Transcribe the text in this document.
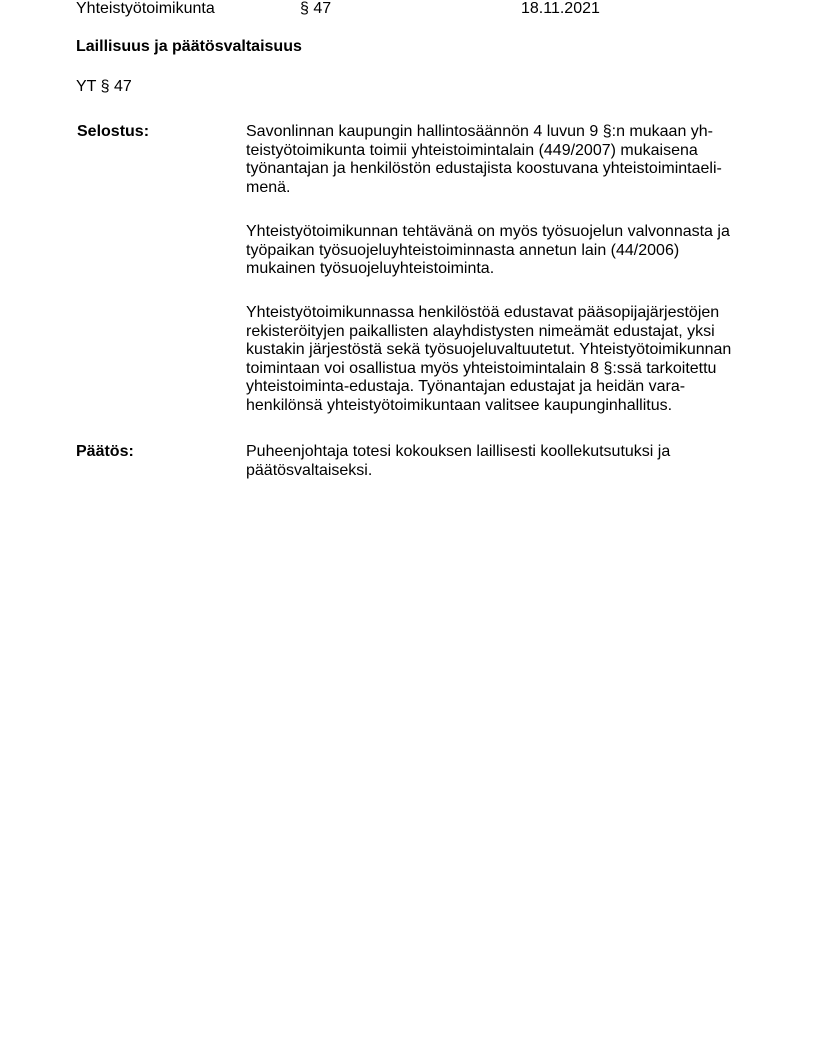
Yhteistyötoimikunta	§ 47	18.11.2021
Laillisuus ja päätösvaltaisuus
YT § 47
Selostus:	Savonlinnan kaupungin hallintosäännön 4 luvun 9 §:n mukaan yh-
teistyötoimikunta toimii yhteistoimintalain (449/2007) mukaisena
työnantajan ja henkilöstön edustajista koostuvana yhteistoimintaeli-
menä.
Yhteistyötoimikunnan tehtävänä on myös työsuojelun valvonnasta ja
työpaikan työsuojeluyhteistoiminnasta annetun lain (44/2006)
mukainen työsuojeluyhteistoiminta.
Yhteistyötoimikunnassa henkilöstöä edustavat pääsopijajärjestöjen
rekisteröityjen paikallisten alayhdistysten nimeämät edustajat, yksi
kustakin järjestöstä sekä työsuojeluvaltuutetut. Yhteistyötoimikunnan
toimintaan voi osallistua myös yhteistoimintalain 8 §:ssä tarkoitettu
yhteistoiminta-edustaja. Työnantajan edustajat ja heidän vara-
henkilönsä yhteistyötoimikuntaan valitsee kaupunginhallitus.
Päätös:	Puheenjohtaja totesi kokouksen laillisesti koollekutsutuksi ja
päätösvaltaiseksi.
